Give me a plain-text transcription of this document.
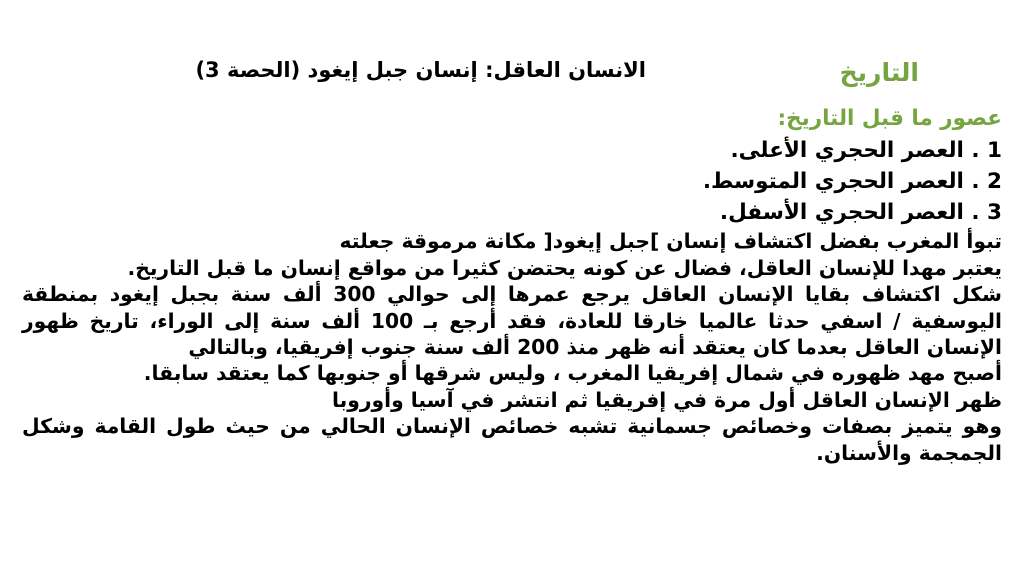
التاريخ
الانسان العاقل: إنسان جبل إيغود (الحصة 3)
عصور ما قبل التاريخ:
1 . العصر الحجري الأعلى.
2 . العصر الحجري المتوسط.
3 . العصر الحجري الأسفل.
تبوأ المغرب بفضل اكتشاف إنسان ]جبل إيغود[ مكانة مرموقة جعلته
يعتبر مهدا للإنسان العاقل، فضال عن كونه يحتضن كثيرا من مواقع إنسان ما قبل التاريخ.
شكل اكتشاف بقايا الإنسان العاقل يرجع عمرها إلى حوالي 300 ألف سنة بجبل إيغود بمنطقة
اليوسفية / اسفي حدثا عالميا خارقا للعادة، فقد أرجع بـ 100 ألف سنة إلى الوراء، تاريخ ظهور
الإنسان العاقل بعدما كان يعتقد أنه ظهر منذ 200 ألف سنة جنوب إفريقيا، وبالتالي
أصبح مهد ظهوره في شمال إفريقيا المغرب ، وليس شرقها أو جنوبها كما يعتقد سابقا.
ظهر الإنسان العاقل أول مرة في إفريقيا ثم انتشر في آسيا وأوروبا
وهو يتميز بصفات وخصائص جسمانية تشبه خصائص الإنسان الحالي من حيث طول القامة وشكل
الجمجمة والأسنان.
